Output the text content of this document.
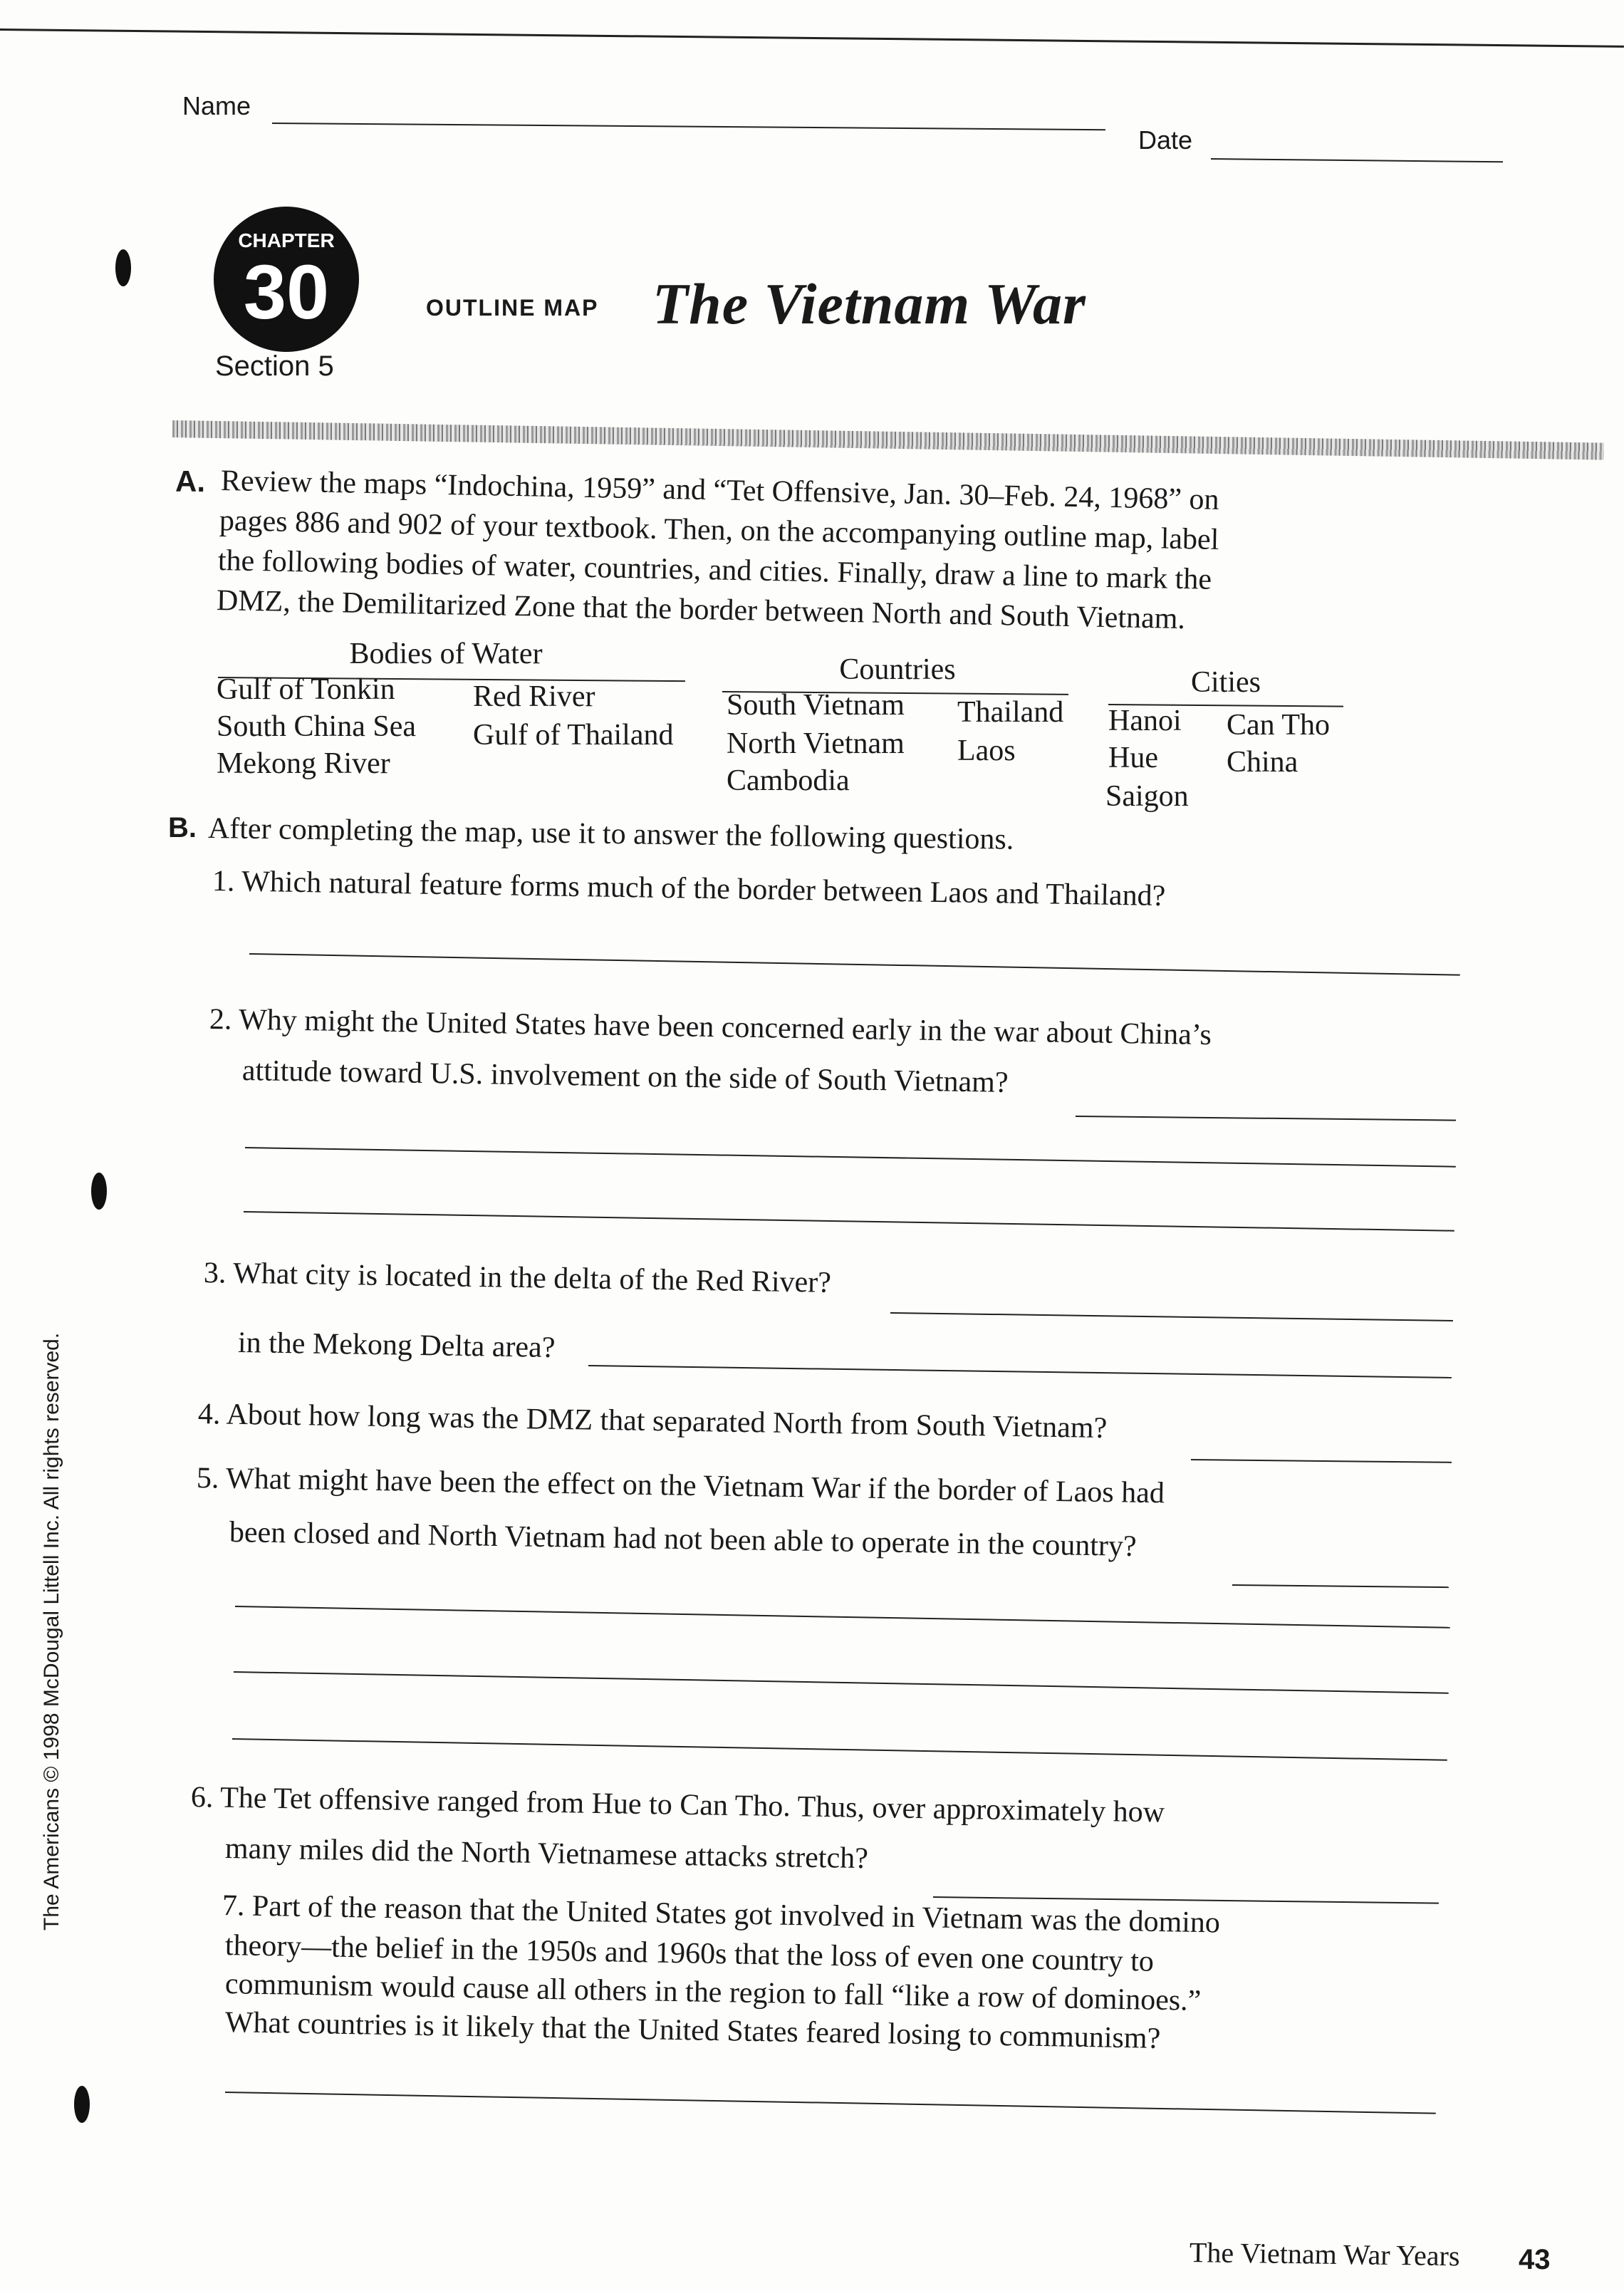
Name
Date
CHAPTER
30
Section 5
OUTLINE MAP The Vietnam War
A. Review the maps “Indochina, 1959” and “Tet Offensive, Jan. 30–Feb. 24, 1968” on
pages 886 and 902 of your textbook. Then, on the accompanying outline map, label
the following bodies of water, countries, and cities. Finally, draw a line to mark the
DMZ, the Demilitarized Zone that the border between North and South Vietnam.
Bodies of Water
Gulf of Tonkin
South China Sea
Mekong River
Red River
Gulf of Thailand
Countries
South Vietnam
North Vietnam
Cambodia
Thailand
Laos
Cities
Hanoi
Hue
Saigon
Can Tho
China
B. After completing the map, use it to answer the following questions.
1. Which natural feature forms much of the border between Laos and Thailand?
2. Why might the United States have been concerned early in the war about China’s
attitude toward U.S. involvement on the side of South Vietnam?
3. What city is located in the delta of the Red River?
in the Mekong Delta area?
4. About how long was the DMZ that separated North from South Vietnam?
5. What might have been the effect on the Vietnam War if the border of Laos had
been closed and North Vietnam had not been able to operate in the country?
6. The Tet offensive ranged from Hue to Can Tho. Thus, over approximately how
many miles did the North Vietnamese attacks stretch?
7. Part of the reason that the United States got involved in Vietnam was the domino
theory—the belief in the 1950s and 1960s that the loss of even one country to
communism would cause all others in the region to fall “like a row of dominoes.”
What countries is it likely that the United States feared losing to communism?
The Vietnam War Years 43
The Americans © 1998 McDougal Littell Inc. All rights reserved.
